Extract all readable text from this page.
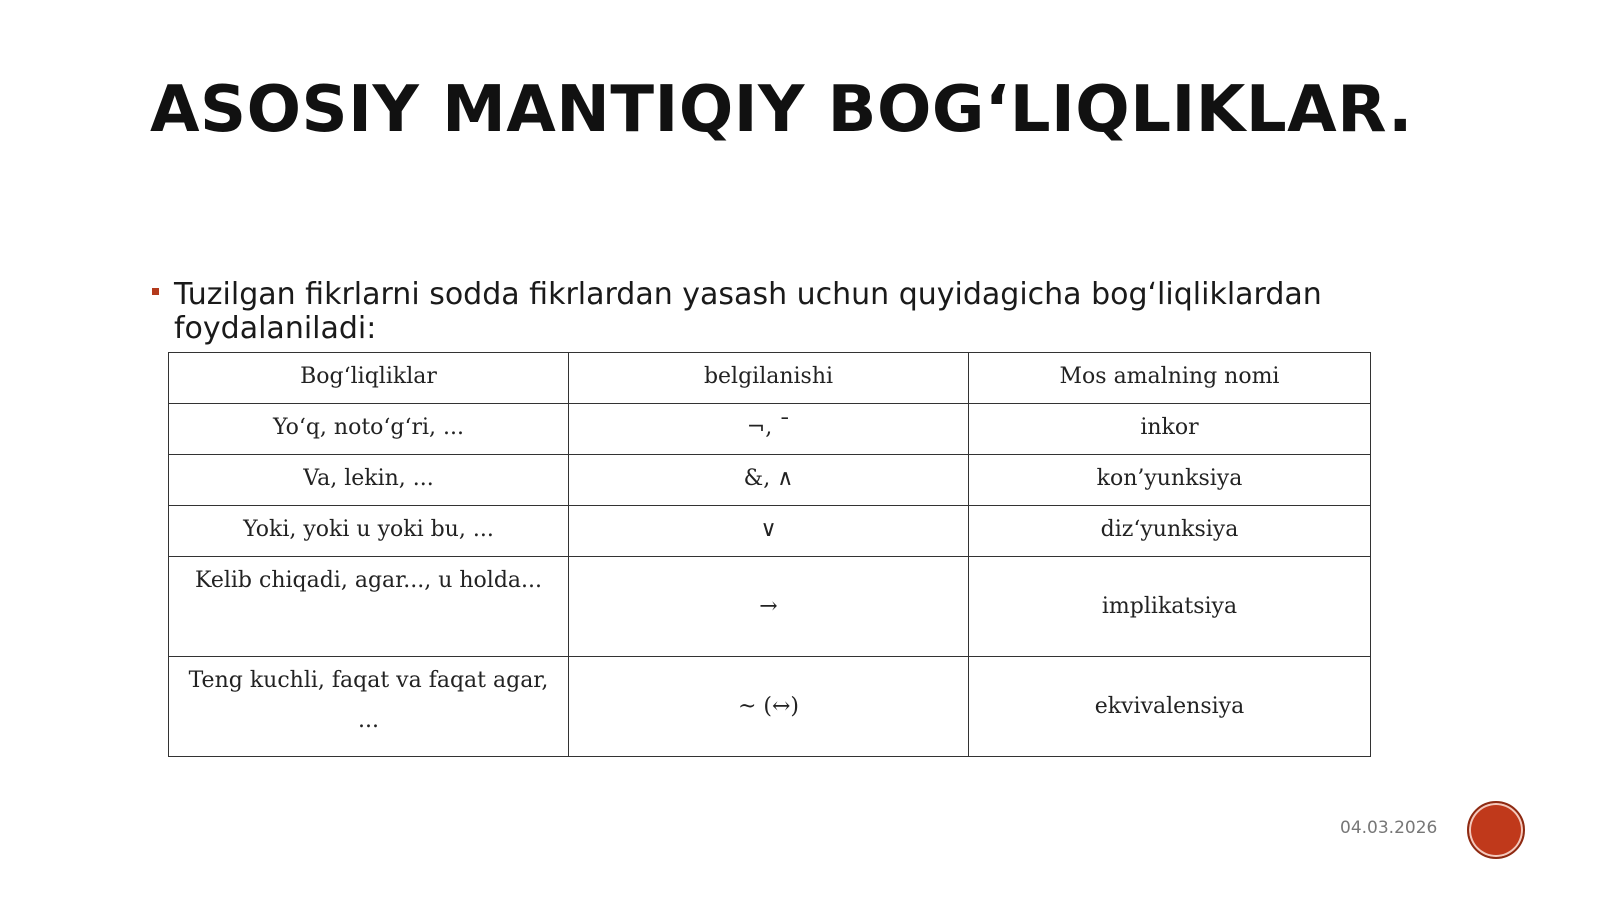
ASOSIY MANTIQIY BOG‘LIQLIKLAR.
Tuzilgan fikrlarni sodda fikrlardan yasash uchun quyidagicha bog‘liqliklardan foydalaniladi:
Bog‘liqliklar	belgilanishi	Mos amalning nomi
Yo‘q, noto‘g‘ri, ...	¬, ¯	inkor
Va, lekin, ...	&, ∧	kon’yunksiya
Yoki, yoki u yoki bu, ...	∨	diz‘yunksiya
Kelib chiqadi, agar..., u holda...	→	implikatsiya
Teng kuchli, faqat va faqat agar, ...	~ (↔)	ekvivalensiya
04.03.2026
